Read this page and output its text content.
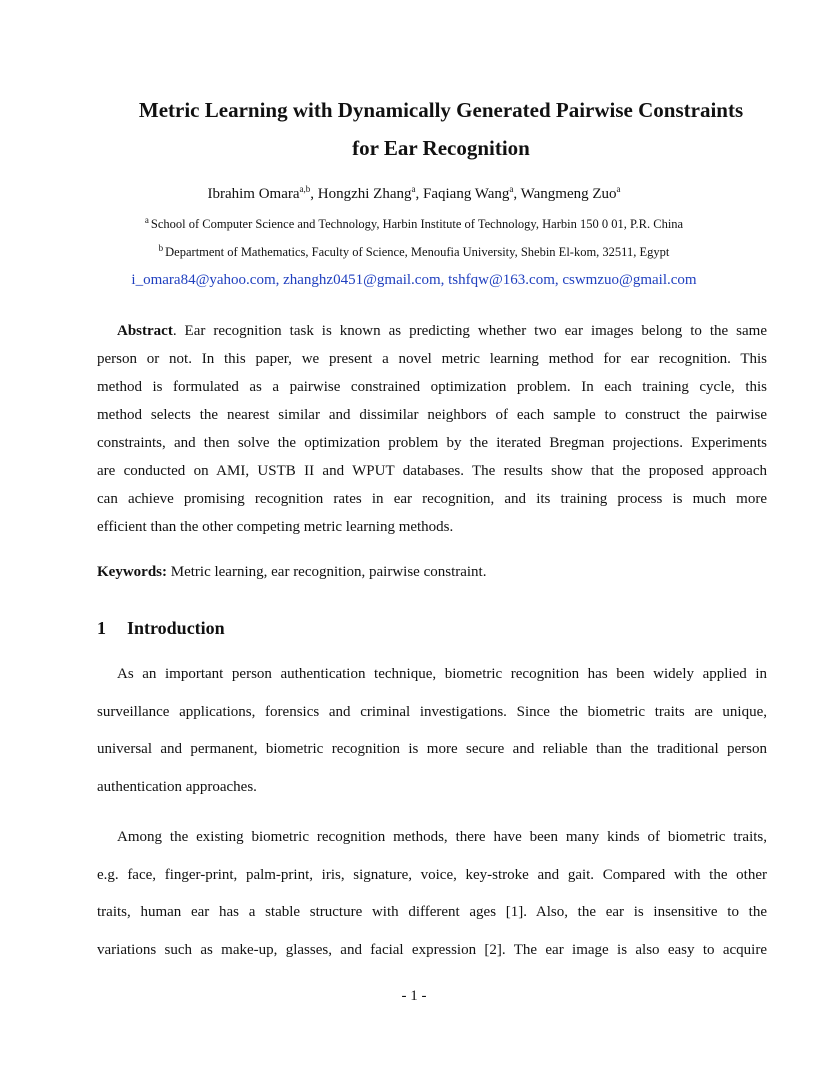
Metric Learning with Dynamically Generated Pairwise Constraints
for Ear Recognition
Ibrahim Omara$^{a,b}$, Hongzhi Zhang$^a$, Faqiang Wang$^a$, Wangmeng Zuo$^a$
$^a$ School of Computer Science and Technology, Harbin Institute of Technology, Harbin 150 0 01, P.R. China
$^b$ Department of Mathematics, Faculty of Science, Menoufia University, Shebin El-kom, 32511, Egypt
i_omara84@yahoo.com, zhanghz0451@gmail.com, tshfqw@163.com, cswmzuo@gmail.com
Abstract. Ear recognition task is known as predicting whether two ear images belong to the same
person or not. In this paper, we present a novel metric learning method for ear recognition. This
method is formulated as a pairwise constrained optimization problem. In each training cycle, this
method selects the nearest similar and dissimilar neighbors of each sample to construct the pairwise
constraints, and then solve the optimization problem by the iterated Bregman projections. Experiments
are conducted on AMI, USTB II and WPUT databases. The results show that the proposed approach
can achieve promising recognition rates in ear recognition, and its training process is much more
efficient than the other competing metric learning methods.
Keywords: Metric learning, ear recognition, pairwise constraint.
1 Introduction
As an important person authentication technique, biometric recognition has been widely applied in
surveillance applications, forensics and criminal investigations. Since the biometric traits are unique,
universal and permanent, biometric recognition is more secure and reliable than the traditional person
authentication approaches.
Among the existing biometric recognition methods, there have been many kinds of biometric traits,
e.g. face, finger-print, palm-print, iris, signature, voice, key-stroke and gait. Compared with the other
traits, human ear has a stable structure with different ages [1]. Also, the ear is insensitive to the
variations such as make-up, glasses, and facial expression [2]. The ear image is also easy to acquire
- 1 -
